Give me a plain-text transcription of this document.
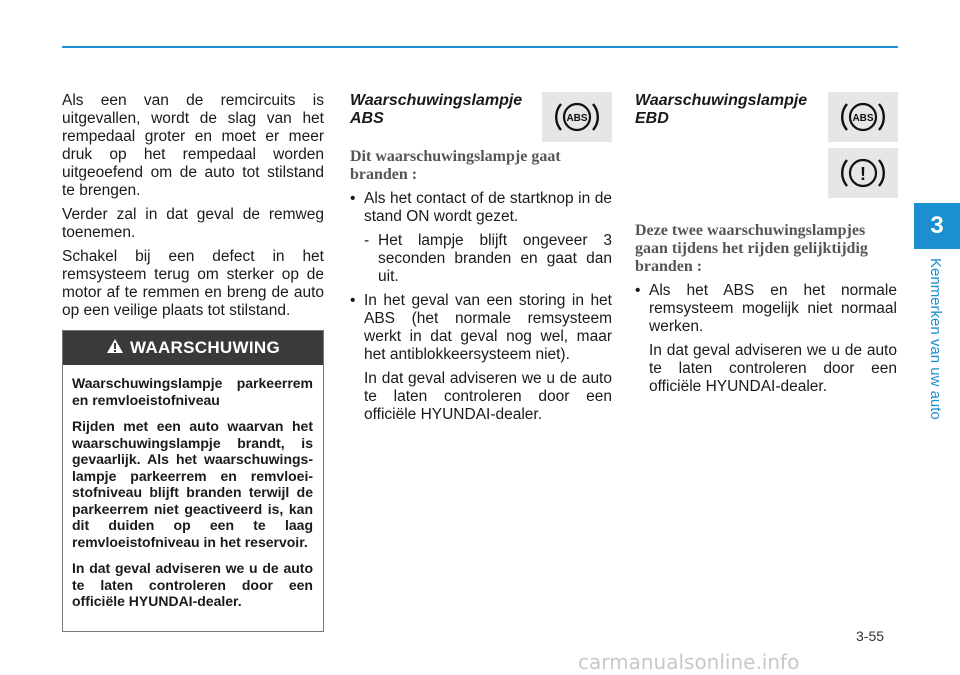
Als een van de remcircuits is uitgevallen, wordt de slag van het rempedaal groter en moet er meer druk op het rempedaal worden uitgeoefend om de auto tot stilstand te brengen.

Verder zal in dat geval de remweg toenemen.

Schakel bij een defect in het remsysteem terug om sterker op de motor af te remmen en breng de auto op een veilige plaats tot stilstand.

WAARSCHUWING

Waarschuwingslampje parkeerrem en remvloeistofniveau

Rijden met een auto waarvan het waarschuwingslampje brandt, is gevaarlijk. Als het waarschuwings- lampje parkeerrem en remvloei- stofniveau blijft branden terwijl de parkeerrem niet geactiveerd is, kan dit duiden op een te laag remvloeistofniveau in het reservoir.

In dat geval adviseren we u de auto te laten controleren door een officiële HYUNDAI-dealer.

Waarschuwingslampje
ABS	ABS

Dit waarschuwingslampje gaat branden :

• Als het contact of de startknop in de stand ON wordt gezet.
- Het lampje blijft ongeveer 3 seconden branden en gaat dan uit.
• In het geval van een storing in het ABS (het normale remsysteem werkt in dat geval nog wel, maar het antiblokkeersysteem niet).

In dat geval adviseren we u de auto te laten controleren door een officiële HYUNDAI-dealer.

Waarschuwingslampje
EBD	ABS
!

Deze twee waarschuwingslampjes gaan tijdens het rijden gelijktijdig branden :

• Als het ABS en het normale remsysteem mogelijk niet normaal werken.

In dat geval adviseren we u de auto te laten controleren door een officiële HYUNDAI-dealer.

3
Kenmerken van uw auto
3-55
carmanualsonline.info
